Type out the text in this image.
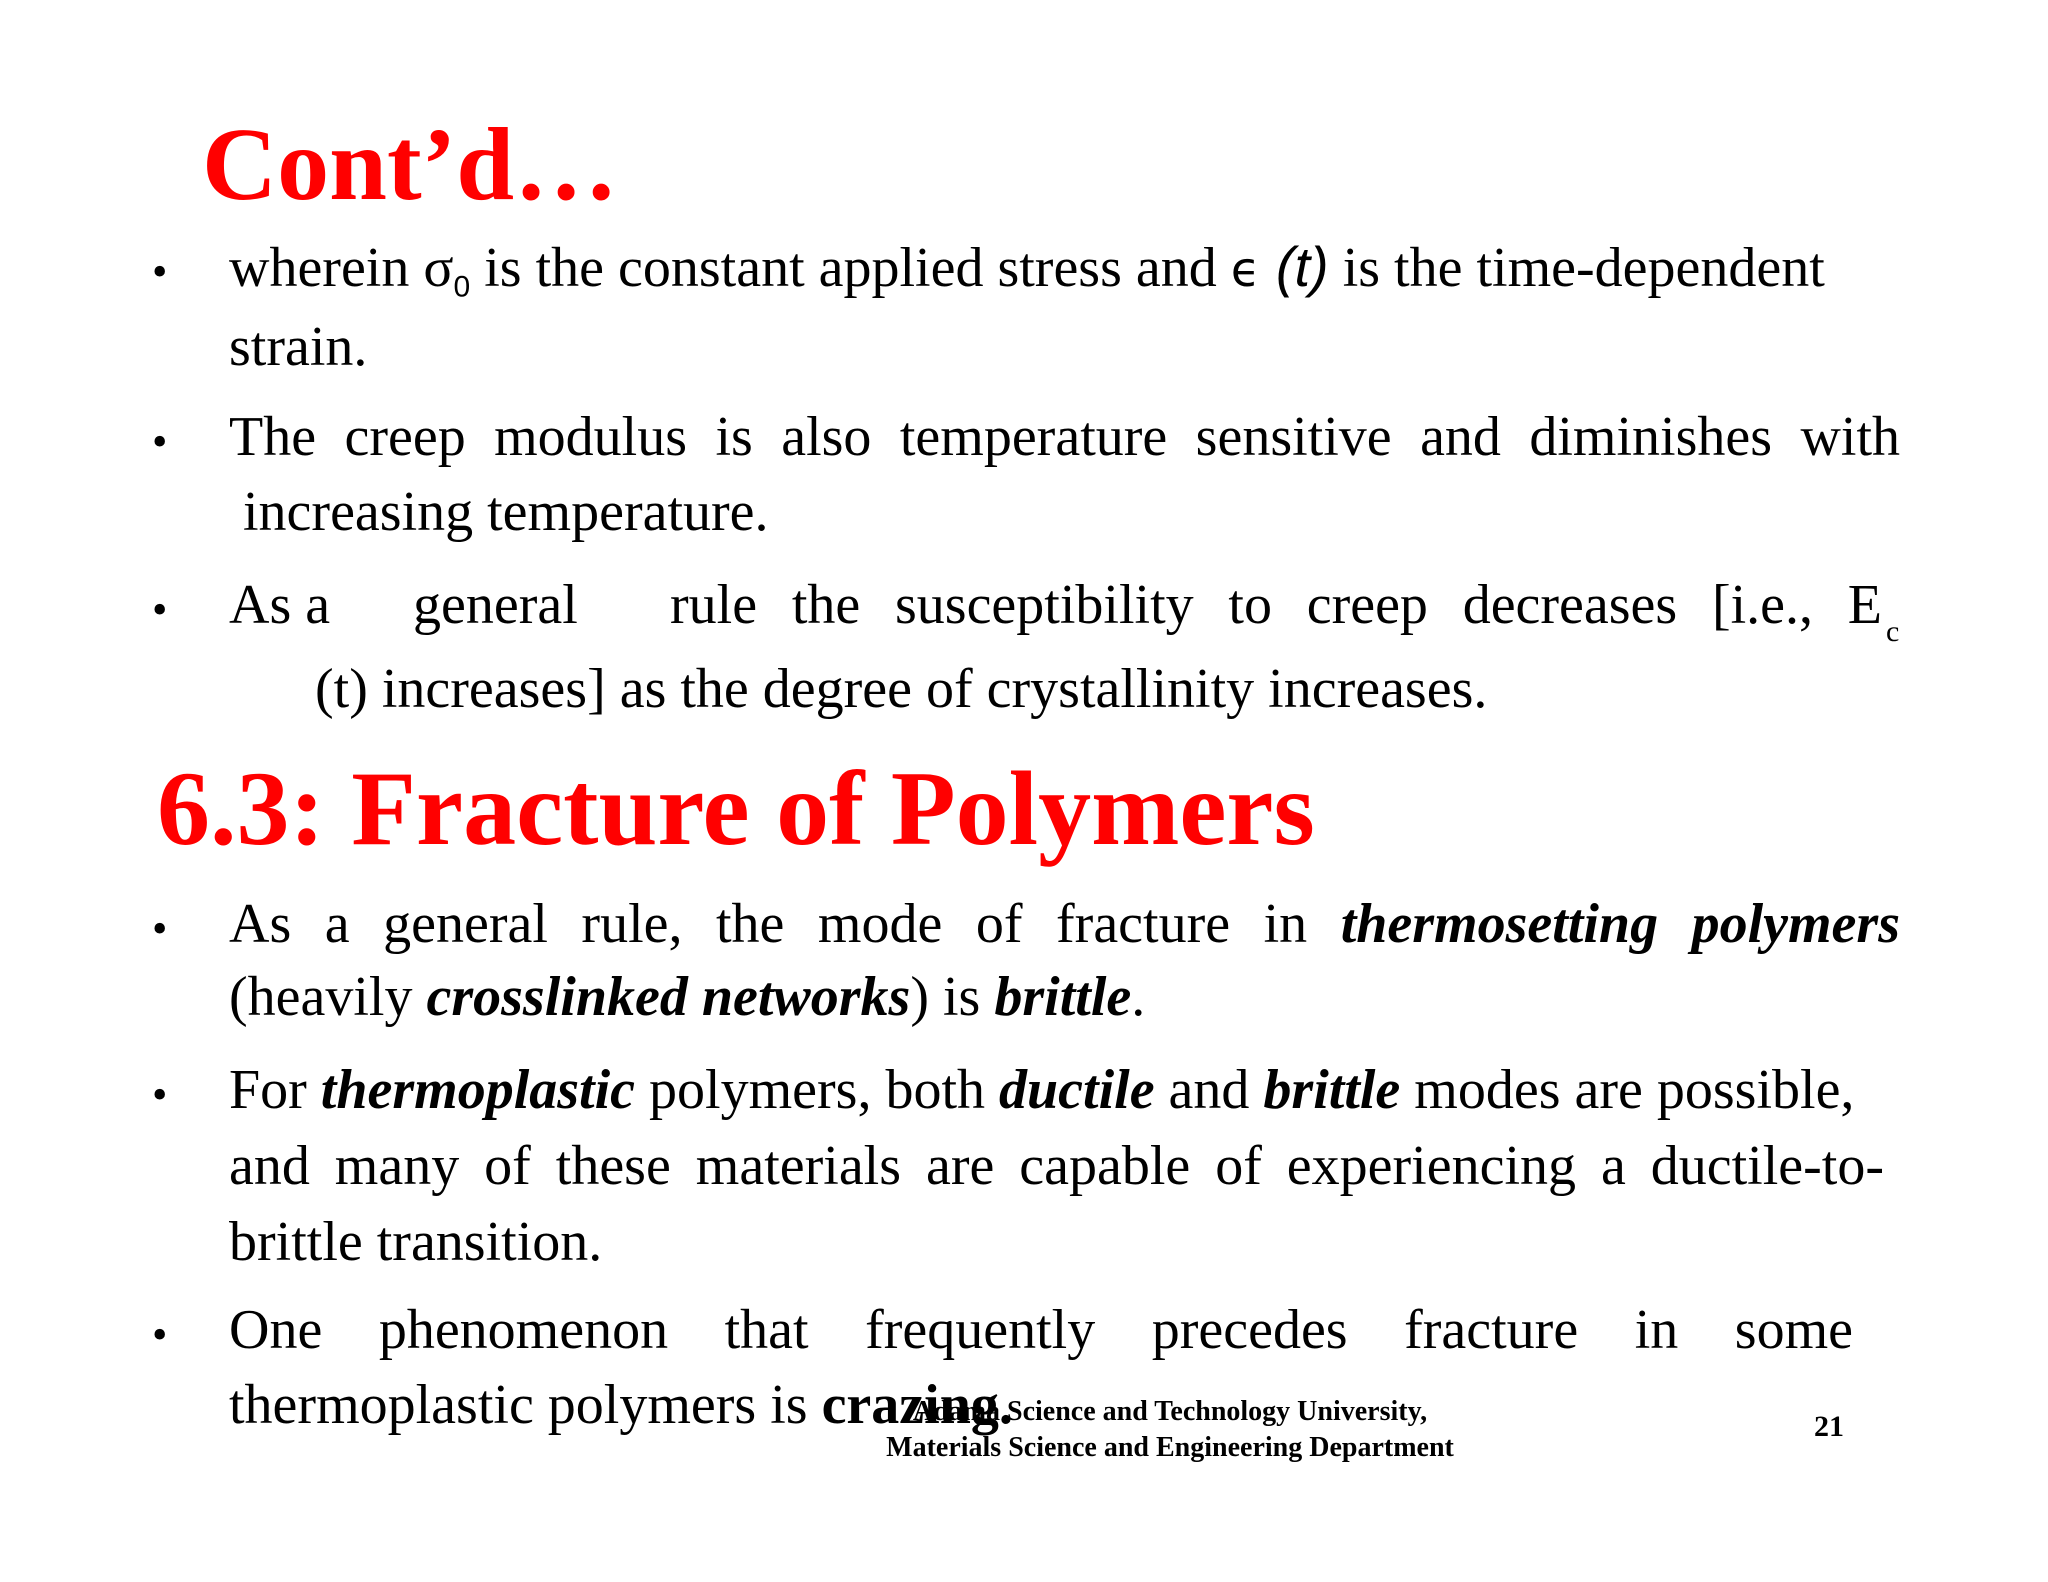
Cont’d…
• wherein $\sigma_0$ is the constant applied stress and ϵ (t) is the time-dependent
strain.
• The creep modulus is also temperature sensitive and diminishes with
increasing temperature.
• As a general rule the susceptibility to creep decreases [i.e., E c
(t) increases] as the degree of crystallinity increases.
6.3: Fracture of Polymers
• As a general rule, the mode of fracture in thermosetting polymers
(heavily crosslinked networks) is brittle.
• For thermoplastic polymers, both ductile and brittle modes are possible,
and many of these materials are capable of experiencing a ductile-to-
brittle transition.
• One phenomenon that frequently precedes fracture in some
thermoplastic polymers is crazing.
Adama Science and Technology University,
Materials Science and Engineering Department
21
